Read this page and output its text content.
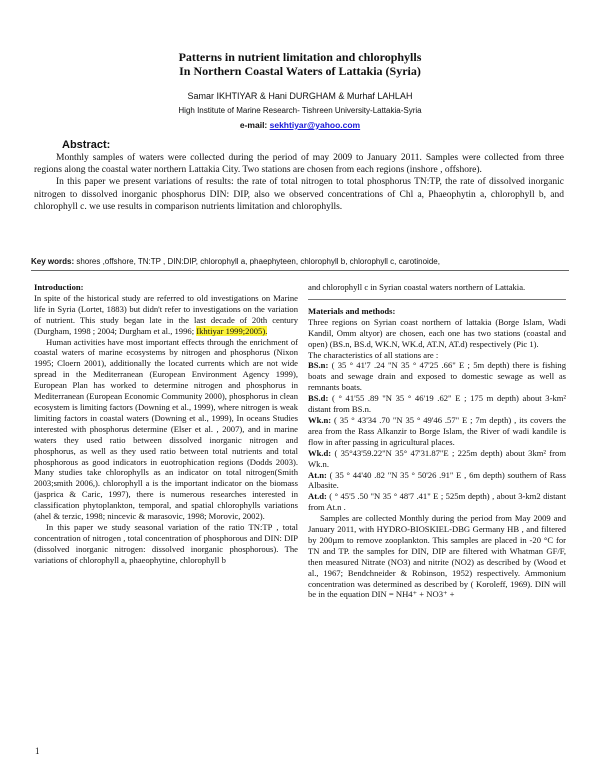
Patterns in nutrient limitation and chlorophylls
In Northern Coastal Waters of Lattakia (Syria)
Samar IKHTIYAR & Hani DURGHAM & Murhaf LAHLAH
High Institute of Marine Research- Tishreen University-Lattakia-Syria
e-mail: sekhtiyar@yahoo.com
Abstract:

Monthly samples of waters were collected during the period of may 2009 to January 2011. Samples were collected from three regions along the coastal water northern Lattakia City. Two stations are chosen from each regions (inshore , offshore).

In this paper we present variations of results: the rate of total nitrogen to total phosphorus TN:TP, the rate of dissolved inorganic nitrogen to dissolved inorganic phosphorus DIN: DIP, also we observed concentrations of Chl a, Phaeophytin a, chlorophyll b, and chlorophyll c. we use results in comparison nutrients limitation and chlorophylls.

Key words: shores ,offshore, TN:TP , DIN:DIP, chlorophyll a, phaephyteen, chlorophyll b, chlorophyll c, carotinoide,
Introduction:

In spite of the historical study are referred to old investigations on Marine life in Syria (Lortet, 1883) but didn't refer to investigations on the variation of nutrient. This study began late in the last decade of 20th century (Durgham, 1998 ; 2004; Durgham et al., 1996; Ikhtiyar 1999;2005).

Human activities have most important effects through the enrichment of coastal waters of marine ecosystems by nitrogen and phosphorus (Nixon 1995; Cloern 2001), additionally the located currents which are not wide spread in the Mediterranean (European Environment Agency 1999), European Plan has worked to determine nitrogen and phosphorus in Mediterranean (European Economic Community 2000), phosphorus in clean ecosystem is limiting factors (Downing et al., 1999), where nitrogen is weak limiting factors in coastal waters (Downing et al., 1999), In oceans Studies interested with phosphorus determine (Elser et al. , 2007), and in marine waters they used ratio between dissolved inorganic nitrogen and phosphorus, as well as they used ratio between total nutrients and total phosphorous as good indicators in euotrophication regions (Dodds 2003). Many studies take chlorophylls as an indicator on total nitrogen(Smith 2003;smith 2006,). chlorophyll a is the important indicator on the biomass (jasprica & Caric, 1997), there is numerous researches interested in classification phytoplankton, temporal, and spatial chlorophylls variations (ahel & terzic, 1998; nincevic & marasovic, 1998; Morovic, 2002).

In this paper we study seasonal variation of the ratio TN:TP , total concentration of nitrogen , total concentration of phosphorous and DIN: DIP (dissolved inorganic nitrogen: dissolved inorganic phosphorous). The variations of chlorophyll a, phaeophytine, chlorophyll b

and chlorophyll c in Syrian coastal waters northern of Lattakia.

Materials and methods:

Three regions on Syrian coast northern of lattakia (Borge Islam, Wadi Kandil, Omm altyor) are chosen, each one has two stations (coastal and open) (BS.n, BS.d, WK.N, WK.d, AT.N, AT.d) respectively (Pic 1).

The characteristics of all stations are :

BS.n: ( 35 ° 41'7 .24 "N 35 ° 47'25 .66" E ; 5m depth) there is fishing boats and sewage drain and exposed to domestic sewage as well as remnants boats.

BS.d: ( ° 41'55 .89 "N 35 ° 46'19 .62" E ; 175 m depth) about 3-km² distant from BS.n.

Wk.n: ( 35 ° 43'34 .70 "N 35 ° 49'46 .57" E ; 7m depth) , its covers the area from the Rass Alkanzir to Borge Islam, the River of wadi kandile is flow in after passing in agricultural places.

Wk.d: ( 35°43'59.22"N 35° 47'31.87"E ; 225m depth) about 3km² from Wk.n.

At.n: ( 35 ° 44'40 .82 "N 35 ° 50'26 .91" E , 6m depth) southern of Rass Albasite.

At.d: ( ° 45'5 .50 "N 35 ° 48'7 .41" E ; 525m depth) , about 3-km2 distant from At.n .

Samples are collected Monthly during the period from May 2009 and January 2011, with HYDRO-BIOSKIEL-DBG Germany HB , and filtered by 200µm to remove zooplankton. This samples are placed in -20 °C for TN and TP. the samples for DIN, DIP are filtered with Whatman GF/F, then measured Nitrate (NO3) and nitrite (NO2) as described by (Wood et al., 1967; Bendchneider & Robinson, 1952) respectively. Ammonium concentration was determined as described by ( Koroleff, 1969). DIN will be in the equation DIN = NH4⁺ + NO3⁺ +

1
